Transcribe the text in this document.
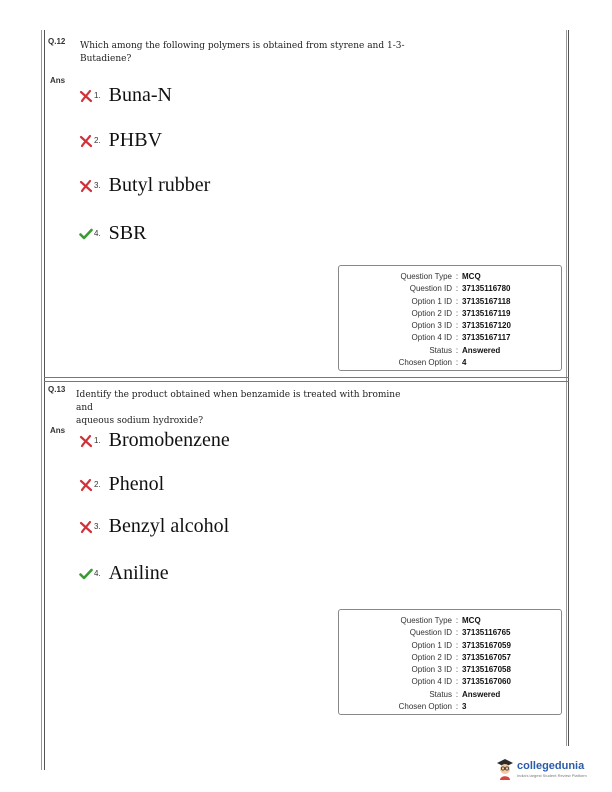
Q.12 Which among the following polymers is obtained from styrene and 1-3-
Butadiene?
Ans
1. Buna-N
2. PHBV
3. Butyl rubber
4. SBR
Question Type : MCQ
Question ID : 37135116780
Option 1 ID : 37135167118
Option 2 ID : 37135167119
Option 3 ID : 37135167120
Option 4 ID : 37135167117
Status : Answered
Chosen Option : 4
Q.13
Identify the product obtained when benzamide is treated with bromine and
aqueous sodium hydroxide?
Ans
1. Bromobenzene
2. Phenol
3. Benzyl alcohol
4. Aniline
Question Type : MCQ
Question ID : 37135116765
Option 1 ID : 37135167059
Option 2 ID : 37135167057
Option 3 ID : 37135167058
Option 4 ID : 37135167060
Status : Answered
Chosen Option : 3
collegedunia
India's largest Student Review Platform
